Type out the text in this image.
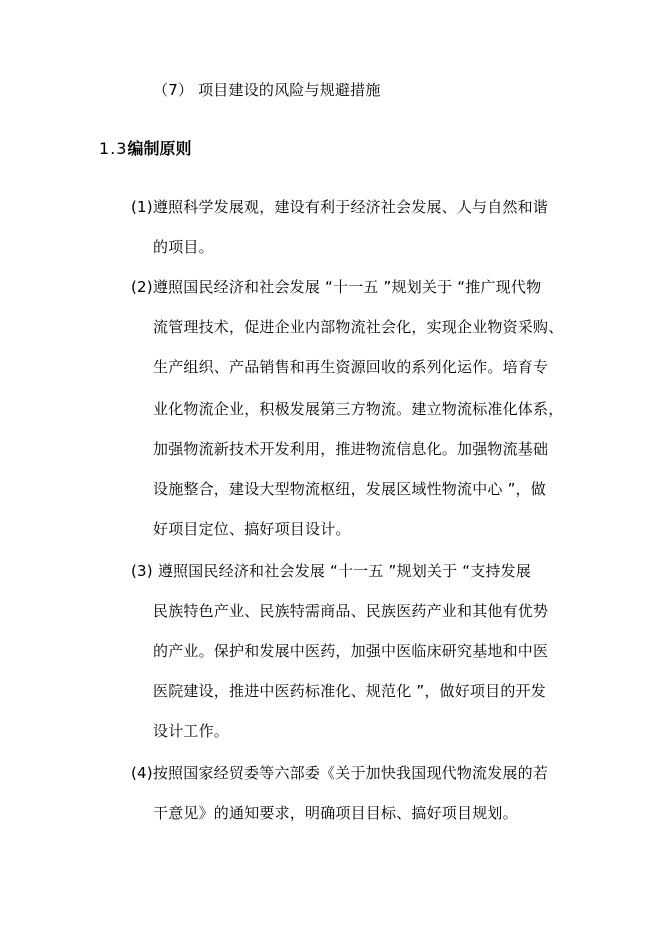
（7） 项目建设的风险与规避措施
1.3编制原则
(1)遵照科学发展观，建设有利于经济社会发展、人与自然和谐
的项目。
(2)遵照国民经济和社会发展 “十一五 ”规划关于 “推广现代物
流管理技术，促进企业内部物流社会化，实现企业物资采购、
生产组织、产品销售和再生资源回收的系列化运作。培育专
业化物流企业，积极发展第三方物流。建立物流标准化体系，
加强物流新技术开发利用，推进物流信息化。加强物流基础
设施整合，建设大型物流枢纽，发展区域性物流中心 ”，做
好项目定位、搞好项目设计。
(3) 遵照国民经济和社会发展 “十一五 ”规划关于 “支持发展
民族特色产业、民族特需商品、民族医药产业和其他有优势
的产业。保护和发展中医药，加强中医临床研究基地和中医
医院建设，推进中医药标准化、规范化 ”，做好项目的开发
设计工作。
(4)按照国家经贸委等六部委《关于加快我国现代物流发展的若
干意见》的通知要求，明确项目目标、搞好项目规划。
